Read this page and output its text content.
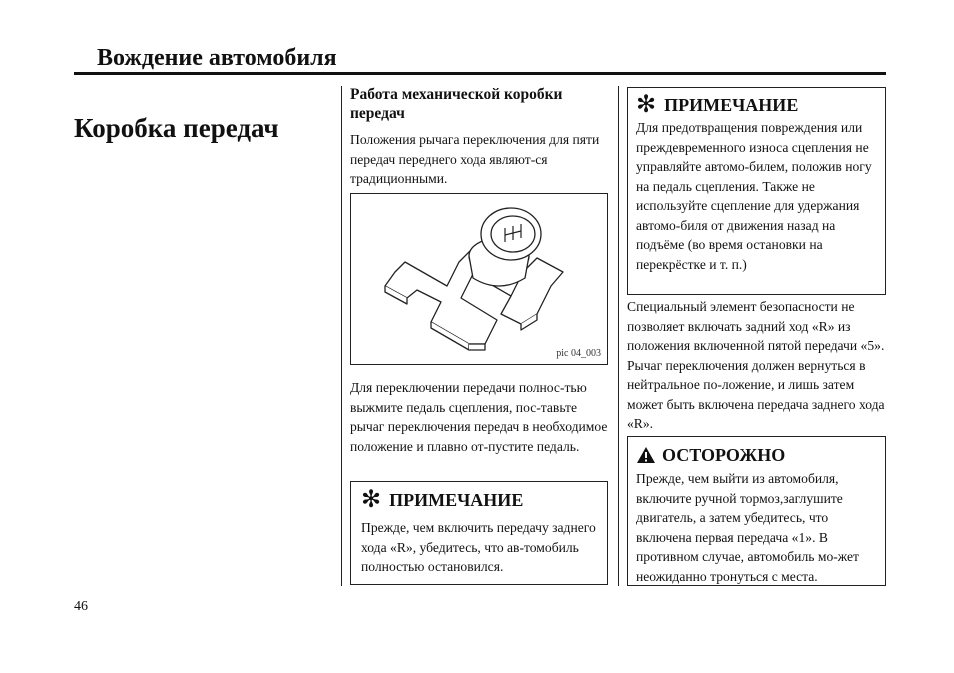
Вождение автомобиля
Коробка передач
Работа механической коробки передач
Положения рычага переключения для пяти передач переднего хода являют-ся традиционными.
pic 04_003
Для переключении передачи полнос-тью выжмите педаль сцепления, пос-тавьте рычаг переключения передач в необходимое положение и плавно от-пустите педаль.
✻ ПРИМЕЧАНИЕ
Прежде, чем включить передачу заднего хода «R», убедитесь, что ав-томобиль полностью остановился.
✻ ПРИМЕЧАНИЕ
Для предотвращения повреждения или преждевременного износа сцепления не управляйте автомо-билем, положив ногу на педаль сцепления. Также не используйте сцепление для удержания автомо-биля от движения назад на подъёме (во время остановки на перекрёстке и т. п.)
Специальный элемент безопасности не позволяет включать задний ход «R» из положения включенной пятой передачи «5». Рычаг переключения должен вернуться в нейтральное по-ложение, и лишь затем может быть включена передача заднего хода «R».
ОСТОРОЖНО
Прежде, чем выйти из автомобиля, включите ручной тормоз,заглушите двигатель, а затем убедитесь, что включена первая передача «1». В противном случае, автомобиль мо-жет неожиданно тронуться с места.
46
